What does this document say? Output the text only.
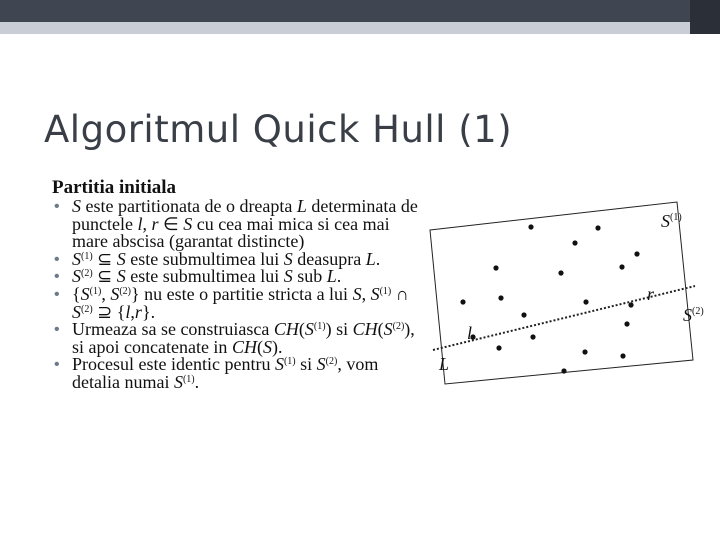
Algoritmul Quick Hull (1)
Partitia initiala
• S este partitionata de o dreapta L determinata de punctele l, r ∈ S cu cea mai mica si cea mai mare abscisa (garantat distincte)
• $S^{(1)}$ ⊆ S este submultimea lui S deasupra L.
• $S^{(2)}$ ⊆ S este submultimea lui S sub L.
• {$S^{(1)}$, $S^{(2)}$} nu este o partitie stricta a lui S, $S^{(1)}$ ∩ $S^{(2)}$ ⊇ {l,r}.
• Urmeaza sa se construiasca $CH(S^{(1)})$ si $CH(S^{(2)})$, si apoi concatenate in CH(S).
• Procesul este identic pentru $S^{(1)}$ si $S^{(2)}$, vom detalia numai $S^{(1)}$.
$S^{(1)}$
$S^{(2)}$
L
l
r
